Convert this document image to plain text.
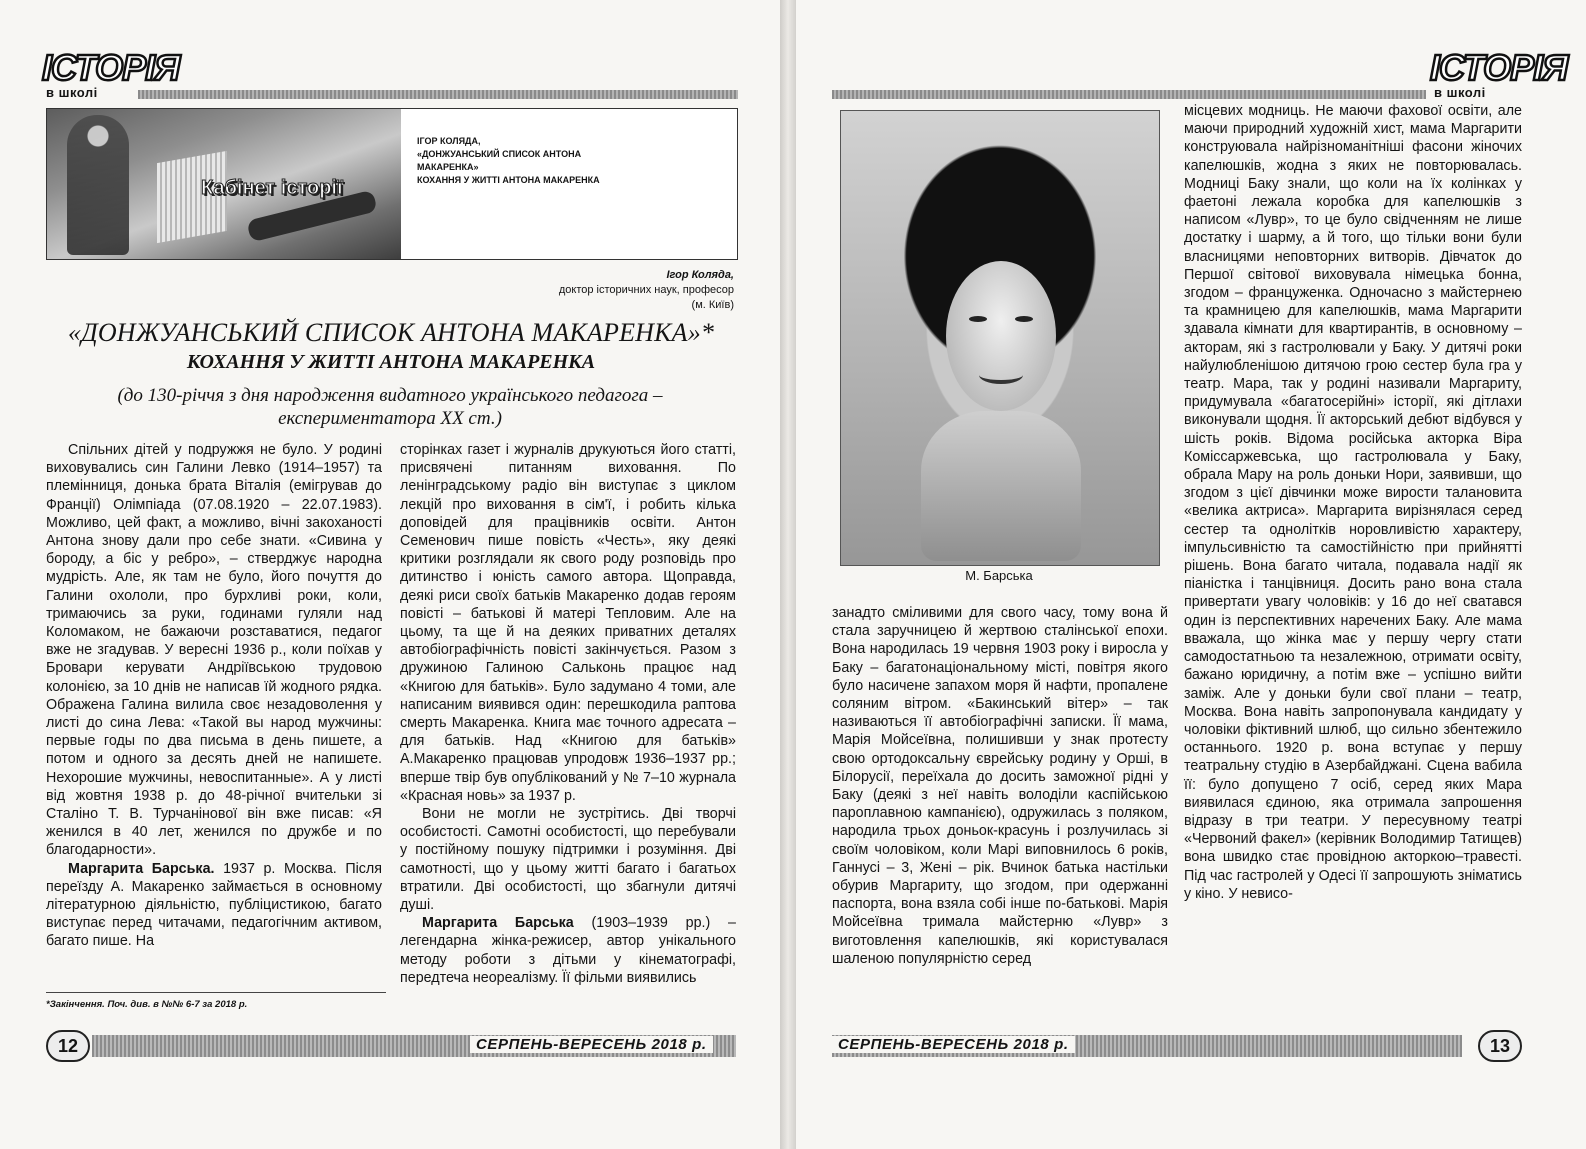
ІСТОРІЯ
в школі
Кабінет історії
ІГОР КОЛЯДА,
«ДОНЖУАНСЬКИЙ СПИСОК АНТОНА МАКАРЕНКА»
КОХАННЯ У ЖИТТІ АНТОНА МАКАРЕНКА
Ігор Коляда,
доктор історичних наук, професор
(м. Київ)
«ДОНЖУАНСЬКИЙ СПИСОК АНТОНА МАКАРЕНКА»*
КОХАННЯ У ЖИТТІ АНТОНА МАКАРЕНКА
(до 130-річчя з дня народження видатного українського педагога – експериментатора ХХ ст.)

Спільних дітей у подружжя не було. У родині виховувались син Галини Левко (1914–1957) та племінниця, донька брата Віталія (емігрував до Франції) Олімпіада (07.08.1920 – 22.07.1983). Можливо, цей факт, а можливо, вічні закоханості Антона знову дали про себе знати. «Сивина у бороду, а біс у ребро», – стверджує народна мудрість. Але, як там не було, його почуття до Галини охололи, про бурхливі роки, коли, тримаючись за руки, годинами гуляли над Коломаком, не бажаючи розставатися, педагог вже не згадував. У вересні 1936 р., коли поїхав у Бровари керувати Андріївською трудовою колонією, за 10 днів не написав їй жодного рядка. Ображена Галина вилила своє незадоволення у листі до сина Лева: «Такой вы народ мужчины: первые годы по два письма в день пишете, а потом и одного за десять дней не напишете. Нехорошие мужчины, невоспитанные». А у листі від жовтня 1938 р. до 48-річної вчительки зі Сталіно Т. В. Турчанінової він вже писав: «Я женился в 40 лет, женился по дружбе и по благодарности».

Маргарита Барська. 1937 р. Москва. Після переїзду А. Макаренко займається в основному літературною діяльністю, публіцистикою, багато виступає перед читачами, педагогічним активом, багато пише. На

сторінках газет і журналів друкуються його статті, присвячені питанням виховання. По ленінградському радіо він виступає з циклом лекцій про виховання в сім'ї, і робить кілька доповідей для працівників освіти. Антон Семенович пише повість «Честь», яку деякі критики розглядали як свого роду розповідь про дитинство і юність самого автора. Щоправда, деякі риси своїх батьків Макаренко додав героям повісті – батькові й матері Тепловим. Але на цьому, та ще й на деяких приватних деталях автобіографічність повісті закінчується. Разом з дружиною Галиною Сальконь працює над «Книгою для батьків». Було задумано 4 томи, але написаним виявився один: перешкодила раптова смерть Макаренка. Книга має точного адресата – для батьків. Над «Книгою для батьків» А.Макаренко працював упродовж 1936–1937 рр.; вперше твір був опублікований у № 7–10 журнала «Красная новь» за 1937 р.

Вони не могли не зустрітись. Дві творчі особистості. Самотні особистості, що перебували у постійному пошуку підтримки і розуміння. Дві самотності, що у цьому житті багато і багатьох втратили. Дві особистості, що збагнули дитячі душі.

Маргарита Барська (1903–1939 рр.) – легендарна жінка-режисер, автор унікального методу роботи з дітьми у кінематографі, передтеча неореалізму. Її фільми виявились

*Закінчення. Поч. див. в №№ 6-7 за 2018 р.
СЕРПЕНЬ-ВЕРЕСЕНЬ 2018 р.
12
ІСТОРІЯ
в школі
М. Барська

занадто сміливими для свого часу, тому вона й стала заручницею й жертвою сталінської епохи. Вона народилась 19 червня 1903 року і виросла у Баку – багатонаціональному місті, повітря якого було насичене запахом моря й нафти, пропалене соляним вітром. «Бакинський вітер» – так називаються її автобіографічні записки. Її мама, Марія Мойсеївна, полишивши у знак протесту свою ортодоксальну єврейську родину у Орші, в Білорусії, переїхала до досить заможної рідні у Баку (деякі з неї навіть володіли каспійською пароплавною кампанією), одружилась з поляком, народила трьох доньок-красунь і розлучилась зі своїм чоловіком, коли Марі виповнилось 6 років, Ганнусі – 3, Жені – рік. Вчинок батька настільки обурив Маргариту, що згодом, при одержанні паспорта, вона взяла собі інше по-батькові. Марія Мойсеївна тримала майстерню «Лувр» з виготовлення капелюшків, які користувалася шаленою популярністю серед

місцевих модниць. Не маючи фахової освіти, але маючи природний художній хист, мама Маргарити конструювала найрізноманітніші фасони жіночих капелюшків, жодна з яких не повторювалась. Модниці Баку знали, що коли на їх колінках у фаетоні лежала коробка для капелюшків з написом «Лувр», то це було свідченням не лише достатку і шарму, а й того, що тільки вони були власницями неповторних витворів. Дівчаток до Першої світової виховувала німецька бонна, згодом – француженка. Одночасно з майстернею та крамницею для капелюшків, мама Маргарити здавала кімнати для квартирантів, в основному – акторам, які з гастролювали у Баку. У дитячі роки найулюбленішою дитячою грою сестер була гра у театр. Мара, так у родині називали Маргариту, придумувала «багатосерійні» історії, які дітлахи виконували щодня. Її акторський дебют відбувся у шість років. Відома російська акторка Віра Коміссаржевська, що гастролювала у Баку, обрала Мару на роль доньки Нори, заявивши, що згодом з цієї дівчинки може вирости талановита «велика актриса». Маргарита вирізнялася серед сестер та однолітків норовливістю характеру, імпульсивністю та самостійністю при прийнятті рішень. Вона багато читала, подавала надії як піаністка і танцівниця. Досить рано вона стала привертати увагу чоловіків: у 16 до неї сватався один із перспективних наречених Баку. Але мама вважала, що жінка має у першу чергу стати самодостатньою та незалежною, отримати освіту, бажано юридичну, а потім вже – успішно вийти заміж. Але у доньки були свої плани – театр, Москва. Вона навіть запропонувала кандидату у чоловіки фіктивний шлюб, що сильно збентежило останнього. 1920 р. вона вступає у першу театральну студію в Азербайджані. Сцена вабила її: було допущено 7 осіб, серед яких Мара виявилася єдиною, яка отримала запрошення відразу в три театри. У пересувному театрі «Червоний факел» (керівник Володимир Татищев) вона швидко стає провідною акторкою–травесті. Під час гастролей у Одесі її запрошують зніматись у кіно. У невисо-

СЕРПЕНЬ-ВЕРЕСЕНЬ 2018 р.	13
